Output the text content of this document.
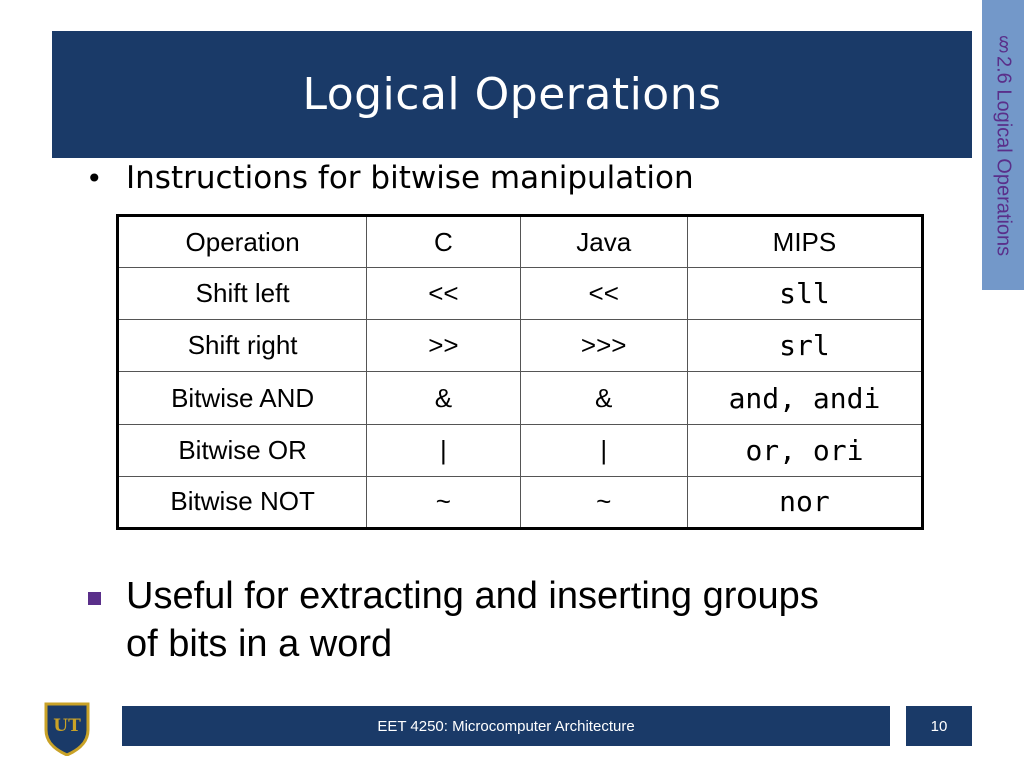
Logical Operations	§2.6 Logical Operations
• Instructions for bitwise manipulation
Operation	C	Java	MIPS
Shift left	<<	<<	sll
Shift right	>>	>>>	srl
Bitwise AND	&	&	and, andi
Bitwise OR	|	|	or, ori
Bitwise NOT	~	~	nor
Useful for extracting and inserting groups of bits in a word
UT	EET 4250: Microcomputer Architecture	10
